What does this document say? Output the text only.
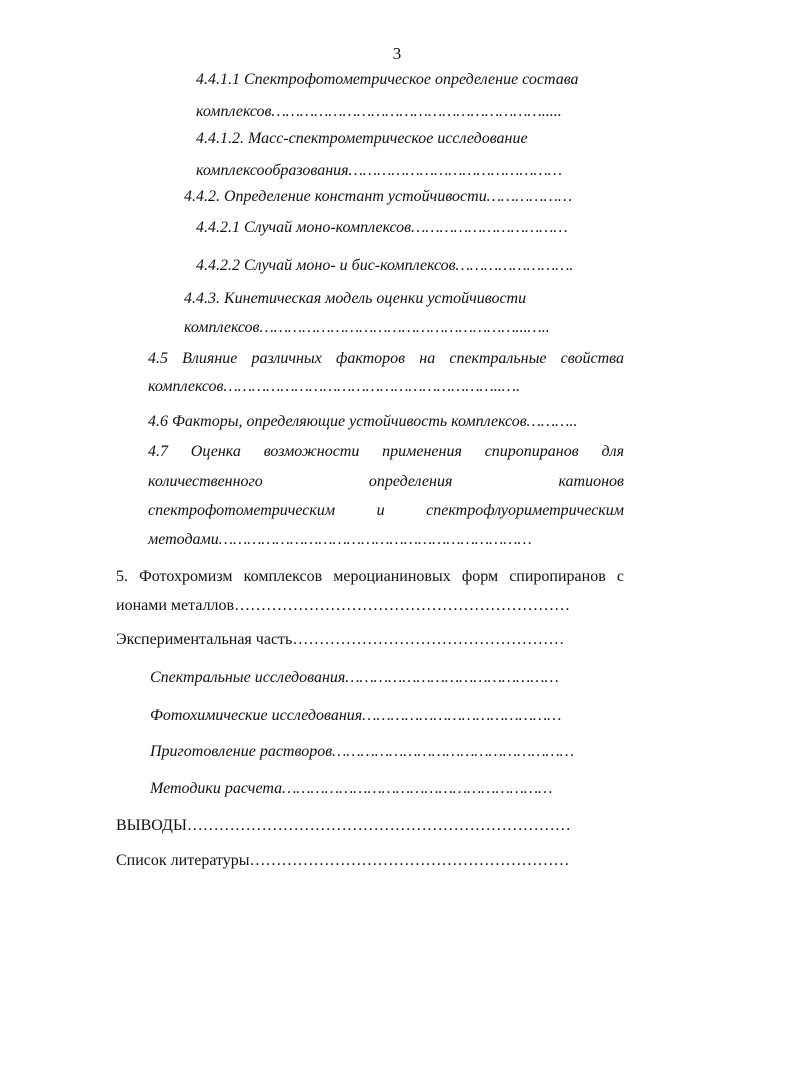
3
4.4.1.1 Спектрофотометрическое определение состава
комплексов………………………………………………….....
4.4.1.2. Масс-спектрометрическое исследование
комплексообразования………………………………………
4.4.2. Определение констант устойчивости………………
4.4.2.1 Случай моно-комплексов……………………………
4.4.2.2 Случай моно- и бис-комплексов…………………….
4.4.3. Кинетическая модель оценки устойчивости
комплексов………………………………………………...…..
4.5 Влияние различных факторов на спектральные свойства
комплексов…………………………………………………..….
4.6 Факторы, определяющие устойчивость комплексов………..
4.7 Оценка возможности применения спиропиранов для
количественного определения катионов
спектрофотометрическим и спектрофлуориметрическим
методами…………………………………………………………
5. Фотохромизм комплексов мероцианиновых форм спиропиранов с
ионами металлов………………………………………………………
Экспериментальная часть……………………………………………
Спектральные исследования………………………………………
Фотохимические исследования……………………………………
Приготовление растворов……………………………………………
Методики расчета…………………………………………………
ВЫВОДЫ………………………………………………………………
Список литературы……………………………………………………
